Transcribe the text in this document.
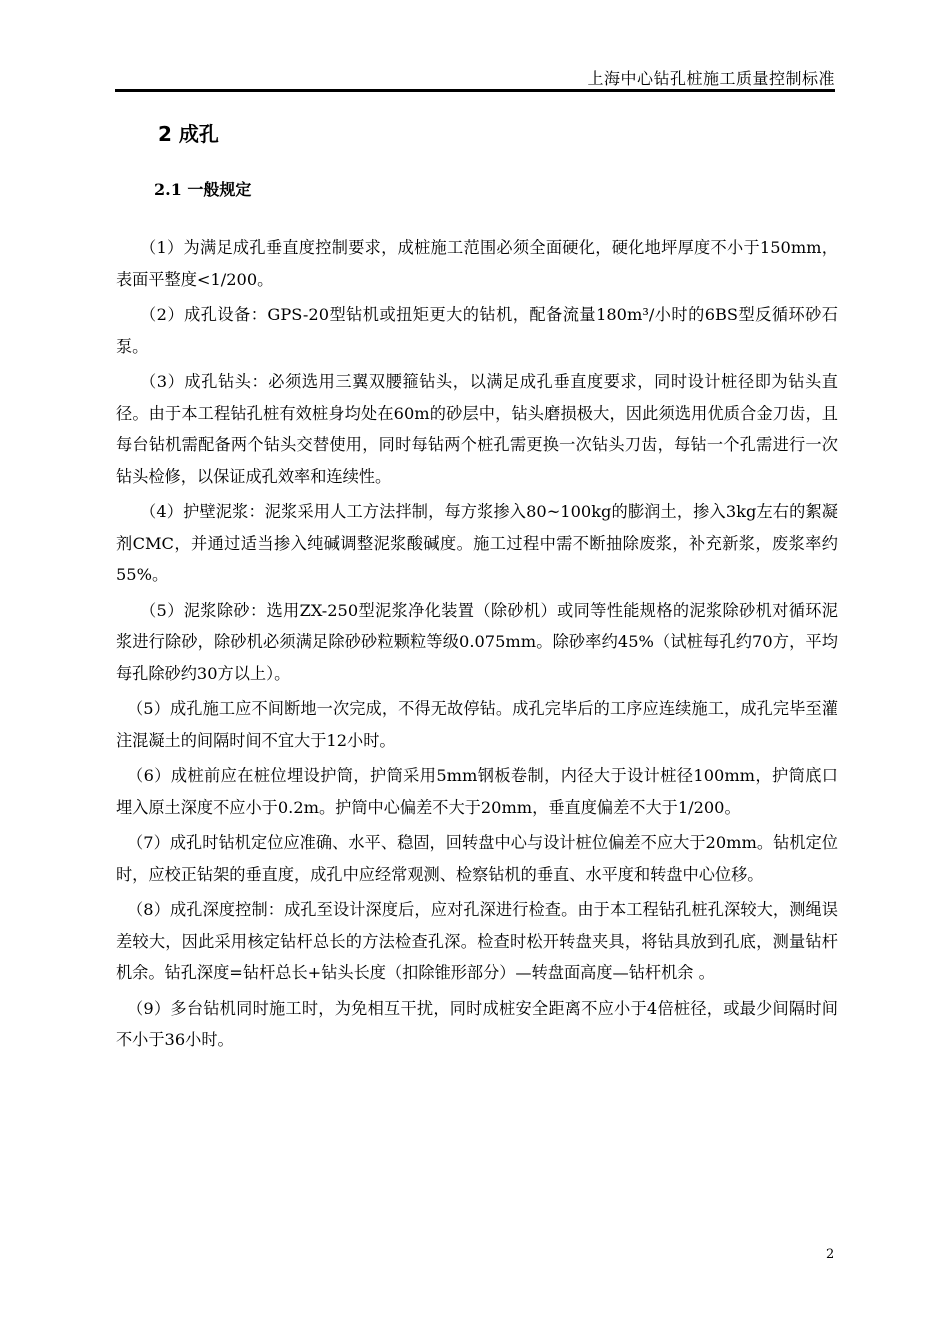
上海中心钻孔桩施工质量控制标准
2 成孔
2.1 一般规定

（1）为满足成孔垂直度控制要求，成桩施工范围必须全面硬化，硬化地坪厚度不小于150mm，表面平整度<1/200。

（2）成孔设备：GPS-20型钻机或扭矩更大的钻机，配备流量180m³/小时的6BS型反循环砂石泵。

（3）成孔钻头：必须选用三翼双腰箍钻头，以满足成孔垂直度要求，同时设计桩径即为钻头直径。由于本工程钻孔桩有效桩身均处在60m的砂层中，钻头磨损极大，因此须选用优质合金刀齿，且每台钻机需配备两个钻头交替使用，同时每钻两个桩孔需更换一次钻头刀齿，每钻一个孔需进行一次钻头检修，以保证成孔效率和连续性。

（4）护壁泥浆：泥浆采用人工方法拌制，每方浆掺入80~100kg的膨润土，掺入3kg左右的絮凝剂CMC，并通过适当掺入纯碱调整泥浆酸碱度。施工过程中需不断抽除废浆，补充新浆，废浆率约55%。

（5）泥浆除砂：选用ZX-250型泥浆净化装置（除砂机）或同等性能规格的泥浆除砂机对循环泥浆进行除砂，除砂机必须满足除砂砂粒颗粒等级0.075mm。除砂率约45%（试桩每孔约70方，平均每孔除砂约30方以上）。

（5）成孔施工应不间断地一次完成，不得无故停钻。成孔完毕后的工序应连续施工，成孔完毕至灌注混凝土的间隔时间不宜大于12小时。

（6）成桩前应在桩位埋设护筒，护筒采用5mm钢板卷制，内径大于设计桩径100mm，护筒底口埋入原土深度不应小于0.2m。护筒中心偏差不大于20mm，垂直度偏差不大于1/200。

（7）成孔时钻机定位应准确、水平、稳固，回转盘中心与设计桩位偏差不应大于20mm。钻机定位时，应校正钻架的垂直度，成孔中应经常观测、检察钻机的垂直、水平度和转盘中心位移。

（8）成孔深度控制：成孔至设计深度后，应对孔深进行检查。由于本工程钻孔桩孔深较大，测绳误差较大，因此采用核定钻杆总长的方法检查孔深。检查时松开转盘夹具，将钻具放到孔底，测量钻杆机余。钻孔深度=钻杆总长+钻头长度（扣除锥形部分）—转盘面高度—钻杆机余 。

（9）多台钻机同时施工时，为免相互干扰，同时成桩安全距离不应小于4倍桩径，或最少间隔时间不小于36小时。

2
